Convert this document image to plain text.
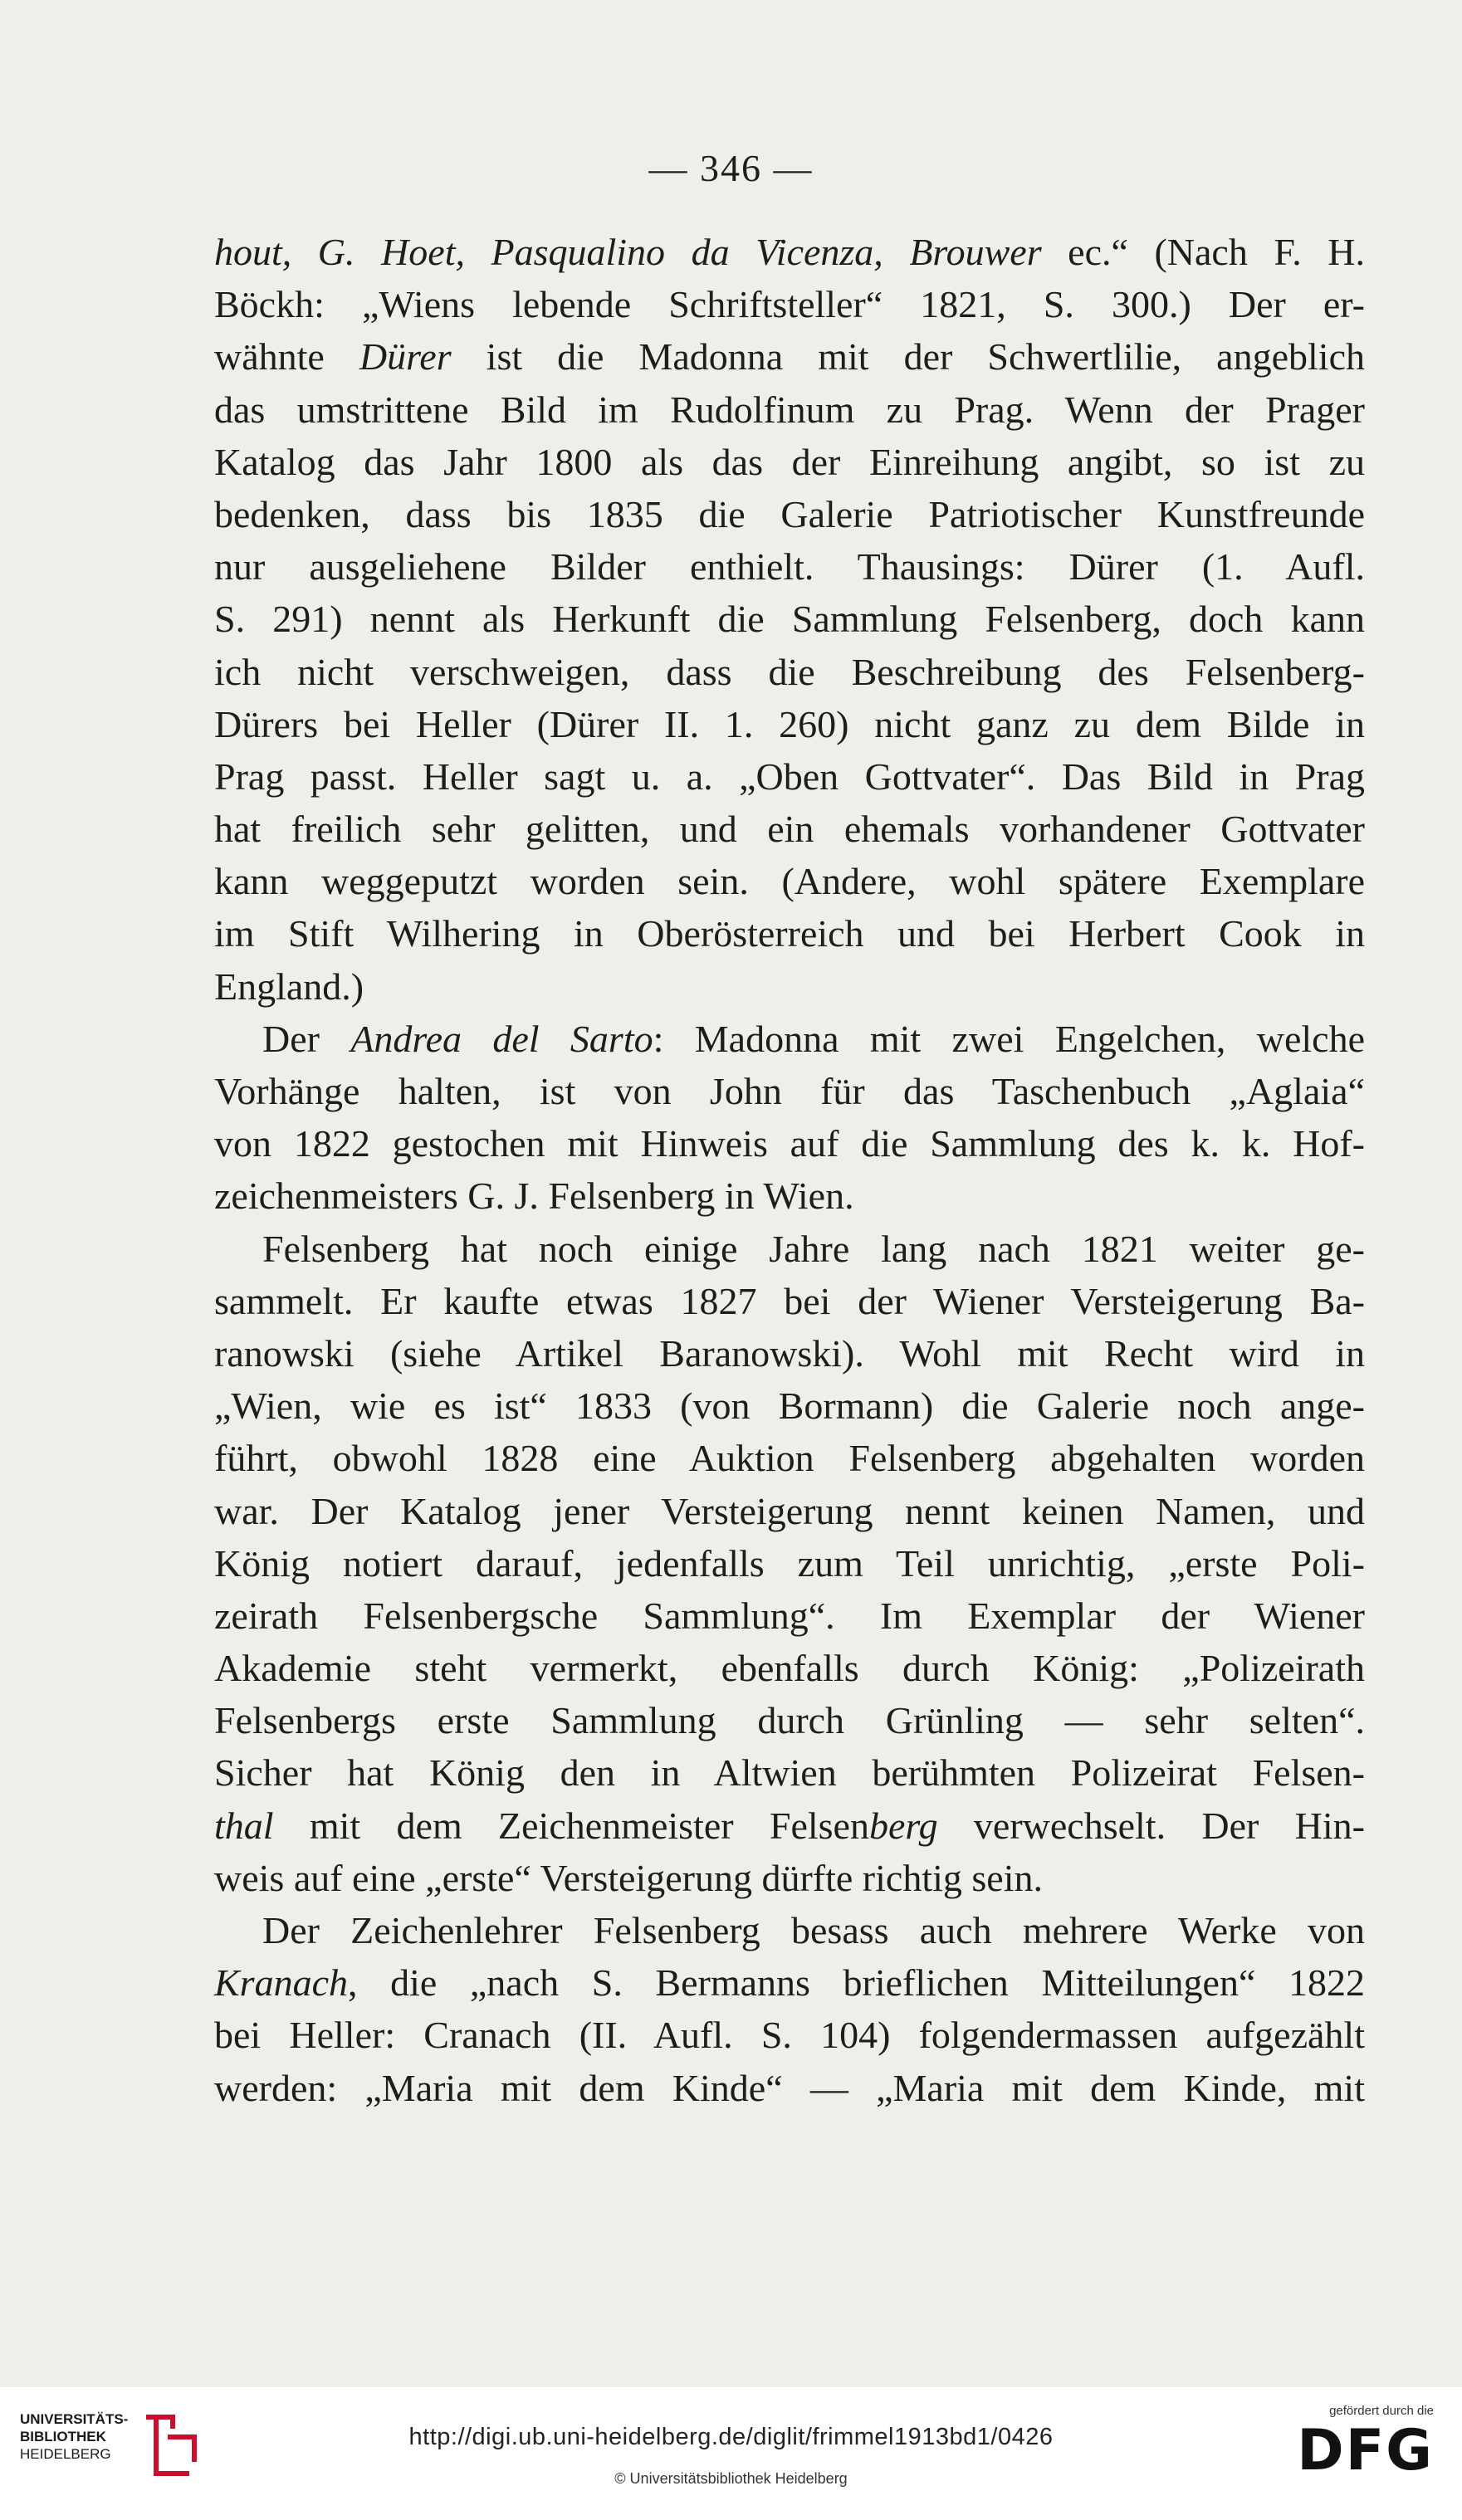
— 346 —
hout, G. Hoet, Pasqualino da Vicenza, Brouwer ec.“ (Nach F. H.
Böckh: „Wiens lebende Schriftsteller“ 1821, S. 300.) Der er-
wähnte Dürer ist die Madonna mit der Schwertlilie, angeblich
das umstrittene Bild im Rudolfinum zu Prag. Wenn der Prager
Katalog das Jahr 1800 als das der Einreihung angibt, so ist zu
bedenken, dass bis 1835 die Galerie Patriotischer Kunstfreunde
nur ausgeliehene Bilder enthielt. Thausings: Dürer (1. Aufl.
S. 291) nennt als Herkunft die Sammlung Felsenberg, doch kann
ich nicht verschweigen, dass die Beschreibung des Felsenberg-
Dürers bei Heller (Dürer II. 1. 260) nicht ganz zu dem Bilde in
Prag passt. Heller sagt u. a. „Oben Gottvater“. Das Bild in Prag
hat freilich sehr gelitten, und ein ehemals vorhandener Gottvater
kann weggeputzt worden sein. (Andere, wohl spätere Exemplare
im Stift Wilhering in Oberösterreich und bei Herbert Cook in
England.)
Der Andrea del Sarto: Madonna mit zwei Engelchen, welche
Vorhänge halten, ist von John für das Taschenbuch „Aglaia“
von 1822 gestochen mit Hinweis auf die Sammlung des k. k. Hof-
zeichenmeisters G. J. Felsenberg in Wien.
Felsenberg hat noch einige Jahre lang nach 1821 weiter ge-
sammelt. Er kaufte etwas 1827 bei der Wiener Versteigerung Ba-
ranowski (siehe Artikel Baranowski). Wohl mit Recht wird in
„Wien, wie es ist“ 1833 (von Bormann) die Galerie noch ange-
führt, obwohl 1828 eine Auktion Felsenberg abgehalten worden
war. Der Katalog jener Versteigerung nennt keinen Namen, und
König notiert darauf, jedenfalls zum Teil unrichtig, „erste Poli-
zeirath Felsenbergsche Sammlung“. Im Exemplar der Wiener
Akademie steht vermerkt, ebenfalls durch König: „Polizeirath
Felsenbergs erste Sammlung durch Grünling — sehr selten“.
Sicher hat König den in Altwien berühmten Polizeirat Felsen-
thal mit dem Zeichenmeister Felsenberg verwechselt. Der Hin-
weis auf eine „erste“ Versteigerung dürfte richtig sein.
Der Zeichenlehrer Felsenberg besass auch mehrere Werke von
Kranach, die „nach S. Bermanns brieflichen Mitteilungen“ 1822
bei Heller: Cranach (II. Aufl. S. 104) folgendermassen aufgezählt
werden: „Maria mit dem Kinde“ — „Maria mit dem Kinde, mit
UNIVERSITÄTS-
BIBLIOTHEK
HEIDELBERG
http://digi.ub.uni-heidelberg.de/diglit/frimmel1913bd1/0426
© Universitätsbibliothek Heidelberg
gefördert durch die
DFG
